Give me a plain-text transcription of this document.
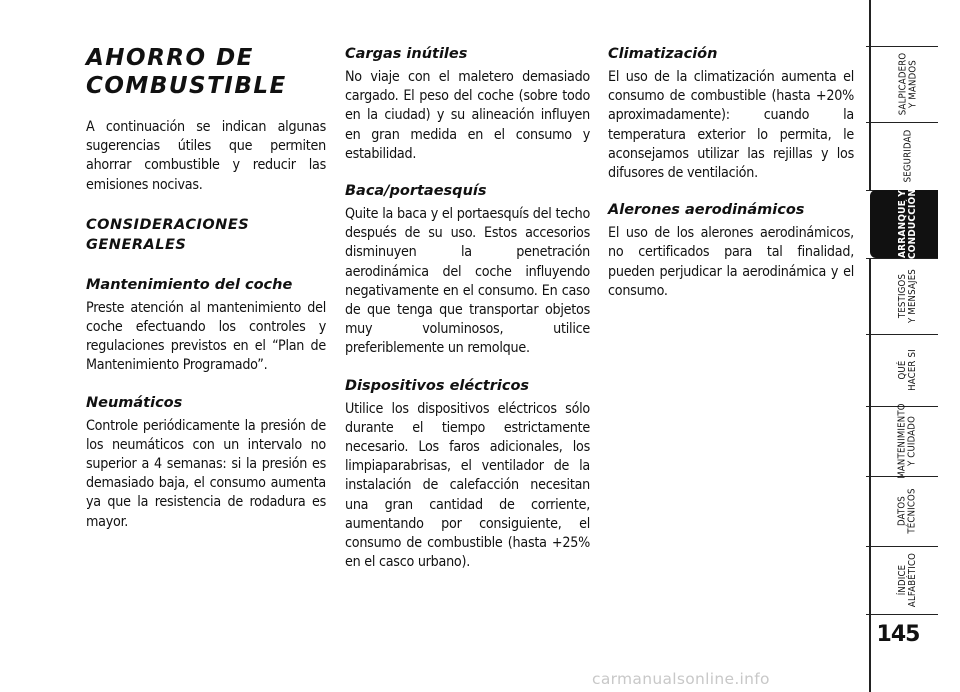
AHORRO DE
COMBUSTIBLE

A continuación se indican algunas sugerencias útiles que permiten ahorrar combustible y reducir las emisiones nocivas.

CONSIDERACIONES
GENERALES
Mantenimiento del coche

Preste atención al mantenimiento del coche efectuando los controles y regulaciones previstos en el “Plan de Mantenimiento Programado”.

Neumáticos

Controle periódicamente la presión de los neumáticos con un intervalo no superior a 4 semanas: si la presión es demasiado baja, el consumo aumenta ya que la resistencia de rodadura es mayor.

Cargas inútiles

No viaje con el maletero demasiado cargado. El peso del coche (sobre todo en la ciudad) y su alineación influyen en gran medida en el consumo y estabilidad.

Baca/portaesquís

Quite la baca y el portaesquís del techo después de su uso. Estos accesorios disminuyen la penetración aerodinámica del coche influyendo negativamente en el consumo. En caso de que tenga que transportar objetos muy voluminosos, utilice preferiblemente un remolque.

Dispositivos eléctricos

Utilice los dispositivos eléctricos sólo durante el tiempo estrictamente necesario. Los faros adicionales, los limpiaparabrisas, el ventilador de la instalación de calefacción necesitan una gran cantidad de corriente, aumentando por consiguiente, el consumo de combustible (hasta +25% en el casco urbano).

Climatización

El uso de la climatización aumenta el consumo de combustible (hasta +20% aproximadamente): cuando la temperatura exterior lo permita, le aconsejamos utilizar las rejillas y los difusores de ventilación.

Alerones aerodinámicos

El uso de los alerones aerodinámicos, no certificados para tal finalidad, pueden perjudicar la aerodinámica y el consumo.

SALPICADERO
Y MANDOS
SEGURIDAD
ARRANQUE Y
CONDUCCIÓN
TESTIGOS
Y MENSAJES
QUÉ
HACER SI
MANTENIMIENTO
Y CUIDADO
DATOS
TÉCNICOS
ÍNDICE
ALFABÉTICO
145
carmanualsonline.info
